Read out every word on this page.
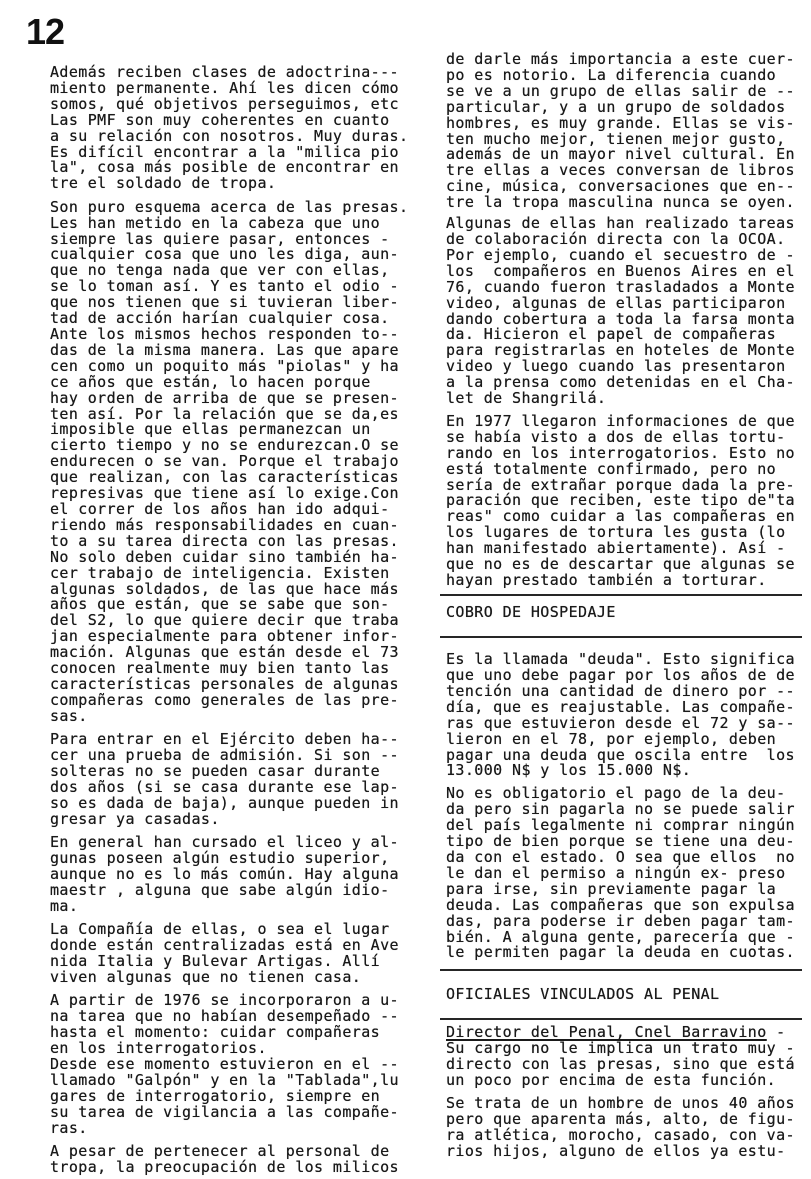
12
Además reciben clases de adoctrina---
miento permanente. Ahí les dicen cómo
somos, qué objetivos perseguimos, etc
Las PMF son muy coherentes en cuanto
a su relación con nosotros. Muy duras.
Es difícil encontrar a la "milica pio
la", cosa más posible de encontrar en
tre el soldado de tropa.
Son puro esquema acerca de las presas.
Les han metido en la cabeza que uno
siempre las quiere pasar, entonces -
cualquier cosa que uno les diga, aun-
que no tenga nada que ver con ellas,
se lo toman así. Y es tanto el odio -
que nos tienen que si tuvieran liber-
tad de acción harían cualquier cosa.
Ante los mismos hechos responden to--
das de la misma manera. Las que apare
cen como un poquito más "piolas" y ha
ce años que están, lo hacen porque
hay orden de arriba de que se presen-
ten así. Por la relación que se da,es
imposible que ellas permanezcan un
cierto tiempo y no se endurezcan.O se
endurecen o se van. Porque el trabajo
que realizan, con las características
represivas que tiene así lo exige.Con
el correr de los años han ido adqui-
riendo más responsabilidades en cuan-
to a su tarea directa con las presas.
No solo deben cuidar sino también ha-
cer trabajo de inteligencia. Existen
algunas soldados, de las que hace más
años que están, que se sabe que son-
del S2, lo que quiere decir que traba
jan especialmente para obtener infor-
mación. Algunas que están desde el 73
conocen realmente muy bien tanto las
características personales de algunas
compañeras como generales de las pre-
sas.
Para entrar en el Ejército deben ha--
cer una prueba de admisión. Si son --
solteras no se pueden casar durante
dos años (si se casa durante ese lap-
so es dada de baja), aunque pueden in
gresar ya casadas.
En general han cursado el liceo y al-
gunas poseen algún estudio superior,
aunque no es lo más común. Hay alguna
maestr , alguna que sabe algún idio-
ma.
La Compañía de ellas, o sea el lugar
donde están centralizadas está en Ave
nida Italia y Bulevar Artigas. Allí
viven algunas que no tienen casa.
A partir de 1976 se incorporaron a u-
na tarea que no habían desempeñado --
hasta el momento: cuidar compañeras
en los interrogatorios.
Desde ese momento estuvieron en el --
llamado "Galpón" y en la "Tablada",lu
gares de interrogatorio, siempre en
su tarea de vigilancia a las compañe-
ras.
A pesar de pertenecer al personal de
tropa, la preocupación de los milicos
de darle más importancia a este cuer-
po es notorio. La diferencia cuando
se ve a un grupo de ellas salir de --
particular, y a un grupo de soldados
hombres, es muy grande. Ellas se vis-
ten mucho mejor, tienen mejor gusto,
además de un mayor nivel cultural. En
tre ellas a veces conversan de libros
cine, música, conversaciones que en--
tre la tropa masculina nunca se oyen.
Algunas de ellas han realizado tareas
de colaboración directa con la OCOA.
Por ejemplo, cuando el secuestro de -
los  compañeros en Buenos Aires en el
76, cuando fueron trasladados a Monte
video, algunas de ellas participaron
dando cobertura a toda la farsa monta
da. Hicieron el papel de compañeras
para registrarlas en hoteles de Monte
video y luego cuando las presentaron
a la prensa como detenidas en el Cha-
let de Shangrilá.
En 1977 llegaron informaciones de que
se había visto a dos de ellas tortu-
rando en los interrogatorios. Esto no
está totalmente confirmado, pero no
sería de extrañar porque dada la pre-
paración que reciben, este tipo de"ta
reas" como cuidar a las compañeras en
los lugares de tortura les gusta (lo
han manifestado abiertamente). Así -
que no es de descartar que algunas se
hayan prestado también a torturar.
COBRO DE HOSPEDAJE
Es la llamada "deuda". Esto significa
que uno debe pagar por los años de de
tención una cantidad de dinero por --
día, que es reajustable. Las compañe-
ras que estuvieron desde el 72 y sa--
lieron en el 78, por ejemplo, deben
pagar una deuda que oscila entre  los
13.000 N$ y los 15.000 N$.
No es obligatorio el pago de la deu-
da pero sin pagarla no se puede salir
del país legalmente ni comprar ningún
tipo de bien porque se tiene una deu-
da con el estado. O sea que ellos  no
le dan el permiso a ningún ex- preso
para irse, sin previamente pagar la
deuda. Las compañeras que son expulsa
das, para poderse ir deben pagar tam-
bién. A alguna gente, parecería que -
le permiten pagar la deuda en cuotas.
OFICIALES VINCULADOS AL PENAL
Director del Penal, Cnel Barravino -
Su cargo no le implica un trato muy -
directo con las presas, sino que está
un poco por encima de esta función.
Se trata de un hombre de unos 40 años
pero que aparenta más, alto, de figu-
ra atlética, morocho, casado, con va-
rios hijos, alguno de ellos ya estu-
